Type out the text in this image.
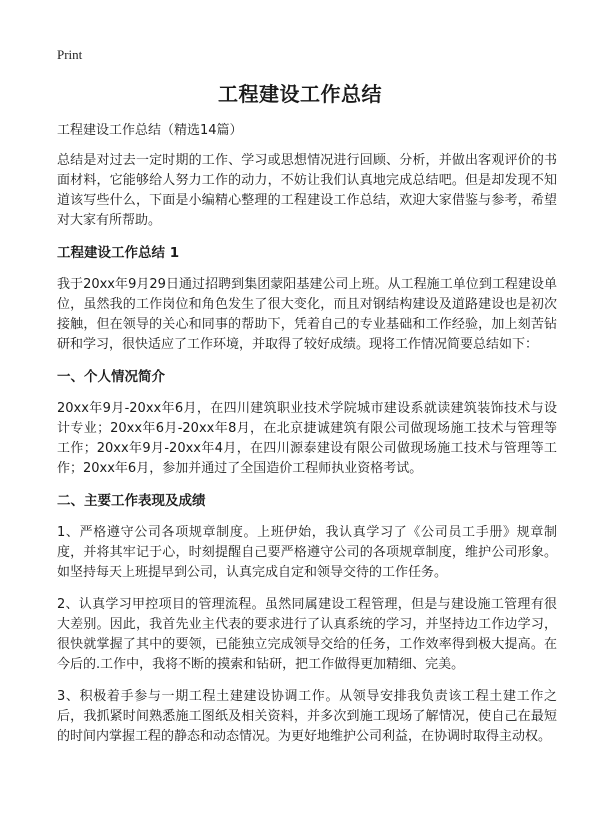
Print
工程建设工作总结

工程建设工作总结（精选14篇）

总结是对过去一定时期的工作、学习或思想情况进行回顾、分析，并做出客观评价的书面材料，它能够给人努力工作的动力，不妨让我们认真地完成总结吧。但是却发现不知道该写些什么，下面是小编精心整理的工程建设工作总结，欢迎大家借鉴与参考，希望对大家有所帮助。

工程建设工作总结 1

我于20xx年9月29日通过招聘到集团蒙阳基建公司上班。从工程施工单位到工程建设单位，虽然我的工作岗位和角色发生了很大变化，而且对钢结构建设及道路建设也是初次接触，但在领导的关心和同事的帮助下，凭着自己的专业基础和工作经验，加上刻苦钻研和学习，很快适应了工作环境，并取得了较好成绩。现将工作情况简要总结如下：

一、个人情况简介

20xx年9月-20xx年6月，在四川建筑职业技术学院城市建设系就读建筑装饰技术与设计专业；20xx年6月-20xx年8月，在北京捷诚建筑有限公司做现场施工技术与管理等工作；20xx年9月-20xx年4月，在四川源泰建设有限公司做现场施工技术与管理等工作；20xx年6月，参加并通过了全国造价工程师执业资格考试。

二、主要工作表现及成绩

1、严格遵守公司各项规章制度。上班伊始，我认真学习了《公司员工手册》规章制度，并将其牢记于心，时刻提醒自己要严格遵守公司的各项规章制度，维护公司形象。如坚持每天上班提早到公司，认真完成自定和领导交待的工作任务。

2、认真学习甲控项目的管理流程。虽然同属建设工程管理，但是与建设施工管理有很大差别。因此，我首先业主代表的要求进行了认真系统的学习，并坚持边工作边学习，很快就掌握了其中的要领，已能独立完成领导交给的任务，工作效率得到极大提高。在今后的.工作中，我将不断的摸索和钻研，把工作做得更加精细、完美。

3、积极着手参与一期工程土建建设协调工作。从领导安排我负责该工程土建工作之后，我抓紧时间熟悉施工图纸及相关资料，并多次到施工现场了解情况，使自己在最短的时间内掌握工程的静态和动态情况。为更好地维护公司利益，在协调时取得主动权。
